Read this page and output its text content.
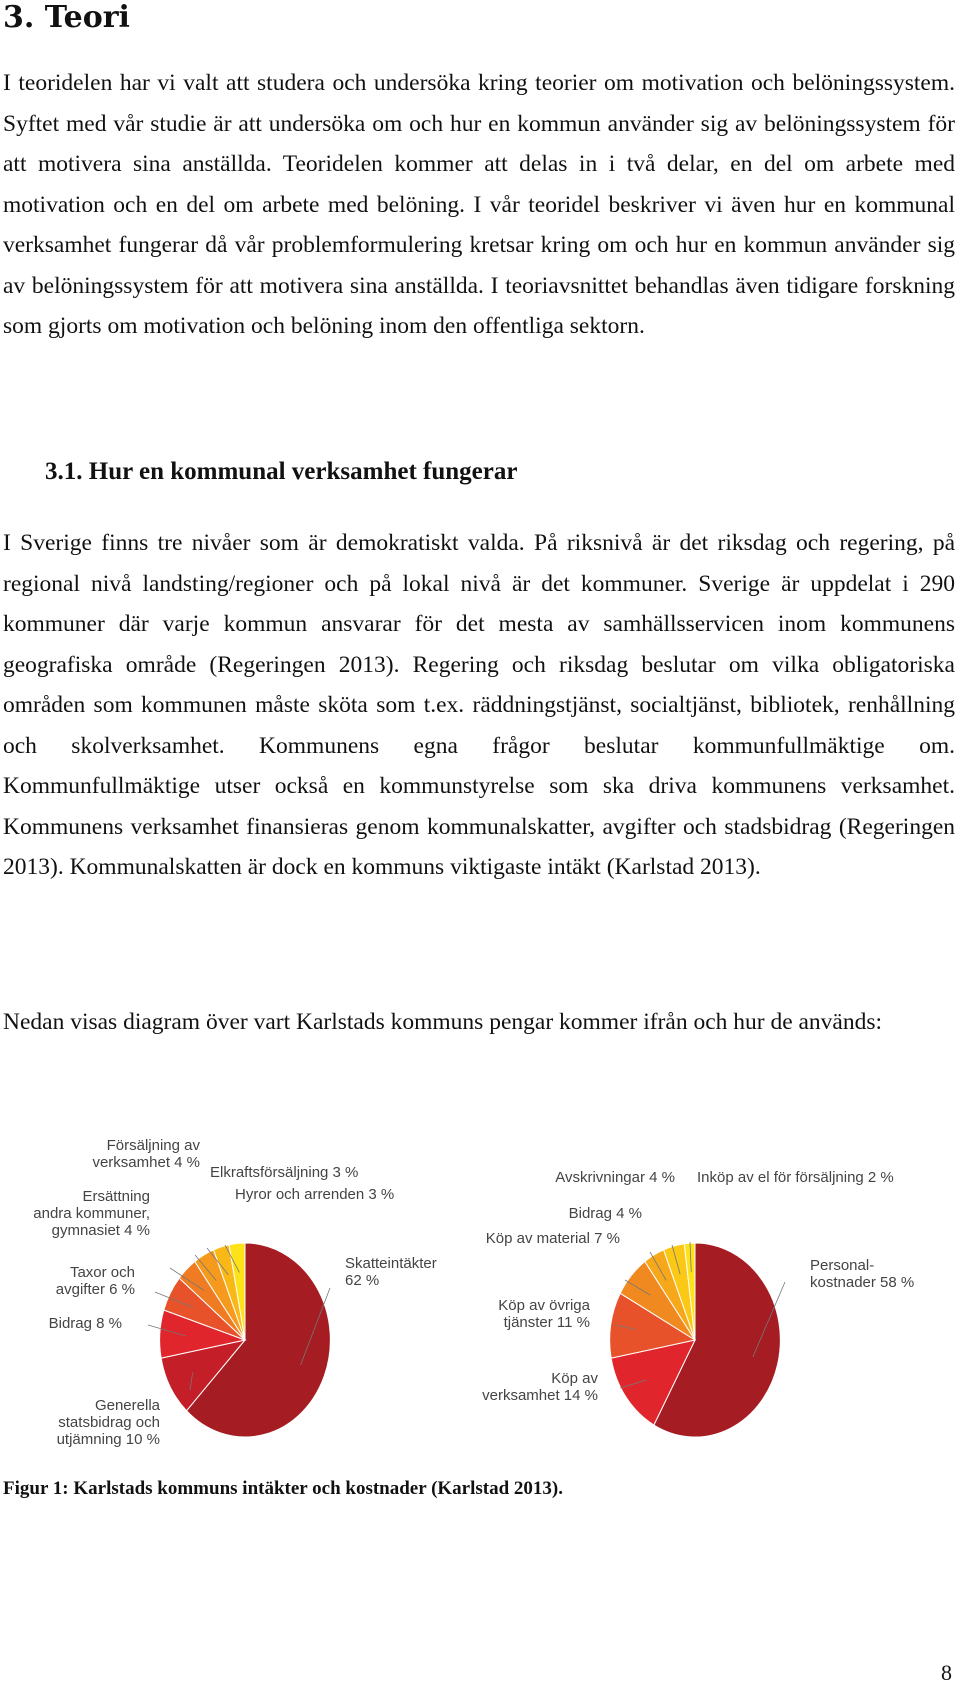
3. Teori

I teoridelen har vi valt att studera och undersöka kring teorier om motivation och belöningssystem. Syftet med vår studie är att undersöka om och hur en kommun använder sig av belöningssystem för att motivera sina anställda. Teoridelen kommer att delas in i två delar, en del om arbete med motivation och en del om arbete med belöning. I vår teoridel beskriver vi även hur en kommunal verksamhet fungerar då vår problemformulering kretsar kring om och hur en kommun använder sig av belöningssystem för att motivera sina anställda. I teoriavsnittet behandlas även tidigare forskning som gjorts om motivation och belöning inom den offentliga sektorn.

3.1. Hur en kommunal verksamhet fungerar

I Sverige finns tre nivåer som är demokratiskt valda. På riksnivå är det riksdag och regering, på regional nivå landsting/regioner och på lokal nivå är det kommuner. Sverige är uppdelat i 290 kommuner där varje kommun ansvarar för det mesta av samhällsservicen inom kommunens geografiska område (Regeringen 2013). Regering och riksdag beslutar om vilka obligatoriska områden som kommunen måste sköta som t.ex. räddningstjänst, socialtjänst, bibliotek, renhållning och skolverksamhet. Kommunens egna frågor beslutar kommunfullmäktige om. Kommunfullmäktige utser också en kommunstyrelse som ska driva kommunens verksamhet. Kommunens verksamhet finansieras genom kommunalskatter, avgifter och stadsbidrag (Regeringen 2013). Kommunalskatten är dock en kommuns viktigaste intäkt (Karlstad 2013).

Nedan visas diagram över vart Karlstads kommuns pengar kommer ifrån och hur de används:

Skatteintäkter 62 %
Generella statsbidrag och utjämning 10 %
Bidrag 8 %
Taxor och avgifter 6 %
Ersättning andra kommuner, gymnasiet 4 %
Försäljning av verksamhet 4 %
Elkraftsförsäljning 3 %
Hyror och arrenden 3 %
Personal-kostnader 58 %
Köp av verksamhet 14 %
Köp av övriga tjänster 11 %
Köp av material 7 %
Bidrag 4 %
Avskrivningar 4 % Inköp av el för försäljning 2 %

Figur 1: Karlstads kommuns intäkter och kostnader (Karlstad 2013).

8
